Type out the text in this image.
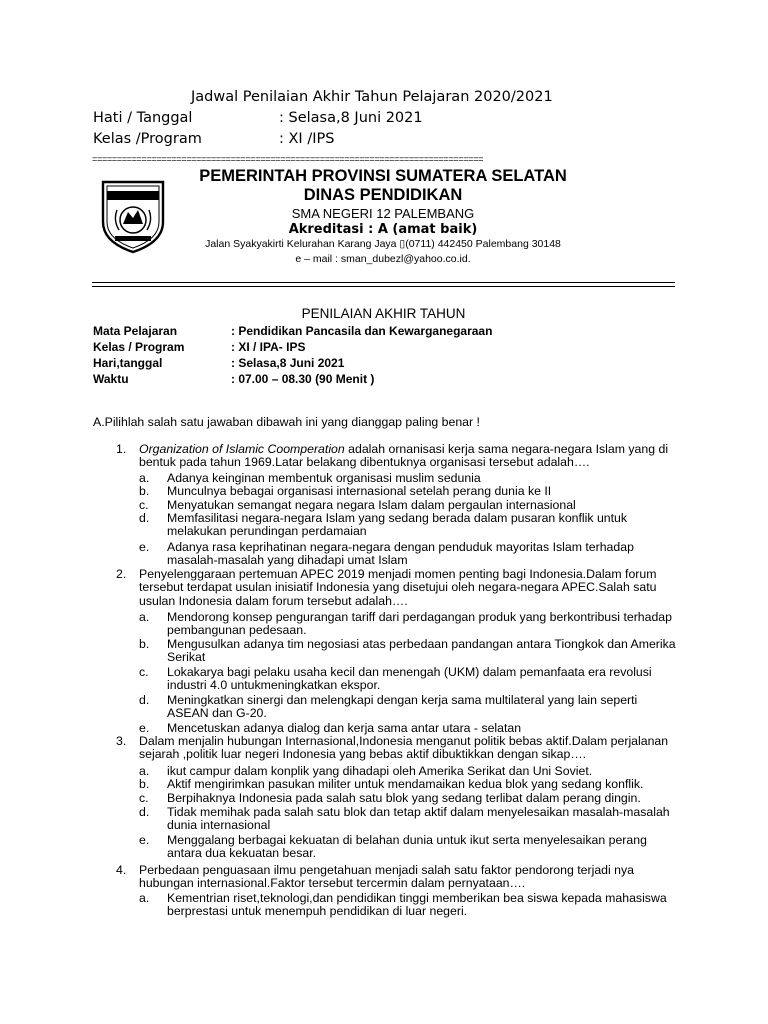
Jadwal Penilaian Akhir Tahun Pelajaran 2020/2021
Hati / Tanggal	: Selasa,8 Juni 2021
Kelas /Program	: XI /IPS
===============================================================================
PEMERINTAH PROVINSI SUMATERA SELATAN
DINAS PENDIDIKAN
SMA NEGERI 12 PALEMBANG
Akreditasi : A (amat baik)
Jalan Syakyakirti Kelurahan Karang Jaya ▯(0711) 442450 Palembang 30148
e – mail : sman_dubezl@yahoo.co.id.
PENILAIAN AKHIR TAHUN
Mata Pelajaran	: Pendidikan Pancasila dan Kewarganegaraan
Kelas / Program	: XI / IPA- IPS
Hari,tanggal	: Selasa,8 Juni 2021
Waktu	: 07.00 – 08.30 (90 Menit )
A.Pilihlah salah satu jawaban dibawah ini yang dianggap paling benar !
1. Organization of Islamic Coomperation adalah ornanisasi kerja sama negara-negara Islam yang di bentuk pada tahun 1969.Latar belakang dibentuknya organisasi tersebut adalah….
a. Adanya keinginan membentuk organisasi muslim sedunia
b. Munculnya bebagai organisasi internasional setelah perang dunia ke II
c. Menyatukan semangat negara negara Islam dalam pergaulan internasional
d. Memfasilitasi negara-negara Islam yang sedang berada dalam pusaran konflik untuk melakukan perundingan perdamaian
e. Adanya rasa keprihatinan negara-negara dengan penduduk mayoritas Islam terhadap masalah-masalah yang dihadapi umat Islam
2. Penyelenggaraan pertemuan APEC 2019 menjadi momen penting bagi Indonesia.Dalam forum tersebut terdapat usulan inisiatif Indonesia yang disetujui oleh negara-negara APEC.Salah satu usulan Indonesia dalam forum tersebut adalah….
a. Mendorong konsep pengurangan tariff dari perdagangan produk yang berkontribusi terhadap pembangunan pedesaan.
b. Mengusulkan adanya tim negosiasi atas perbedaan pandangan antara Tiongkok dan Amerika Serikat
c. Lokakarya bagi pelaku usaha kecil dan menengah (UKM) dalam pemanfaata era revolusi industri 4.0 untukmeningkatkan ekspor.
d. Meningkatkan sinergi dan melengkapi dengan kerja sama multilateral yang lain seperti ASEAN dan G-20.
e. Mencetuskan adanya dialog dan kerja sama antar utara - selatan
3. Dalam menjalin hubungan Internasional,Indonesia menganut politik bebas aktif.Dalam perjalanan sejarah ,politik luar negeri Indonesia yang bebas aktif dibuktikkan dengan sikap….
a. ikut campur dalam konplik yang dihadapi oleh Amerika Serikat dan Uni Soviet.
b. Aktif mengirimkan pasukan militer untuk mendamaikan kedua blok yang sedang konflik.
c. Berpihaknya Indonesia pada salah satu blok yang sedang terlibat dalam perang dingin.
d. Tidak memihak pada salah satu blok dan tetap aktif dalam menyelesaikan masalah-masalah dunia internasional
e. Menggalang berbagai kekuatan di belahan dunia untuk ikut serta menyelesaikan perang antara dua kekuatan besar.
4. Perbedaan penguasaan ilmu pengetahuan menjadi salah satu faktor pendorong terjadi nya hubungan internasional.Faktor tersebut tercermin dalam pernyataan….
a. Kementrian riset,teknologi,dan pendidikan tinggi memberikan bea siswa kepada mahasiswa berprestasi untuk menempuh pendidikan di luar negeri.
